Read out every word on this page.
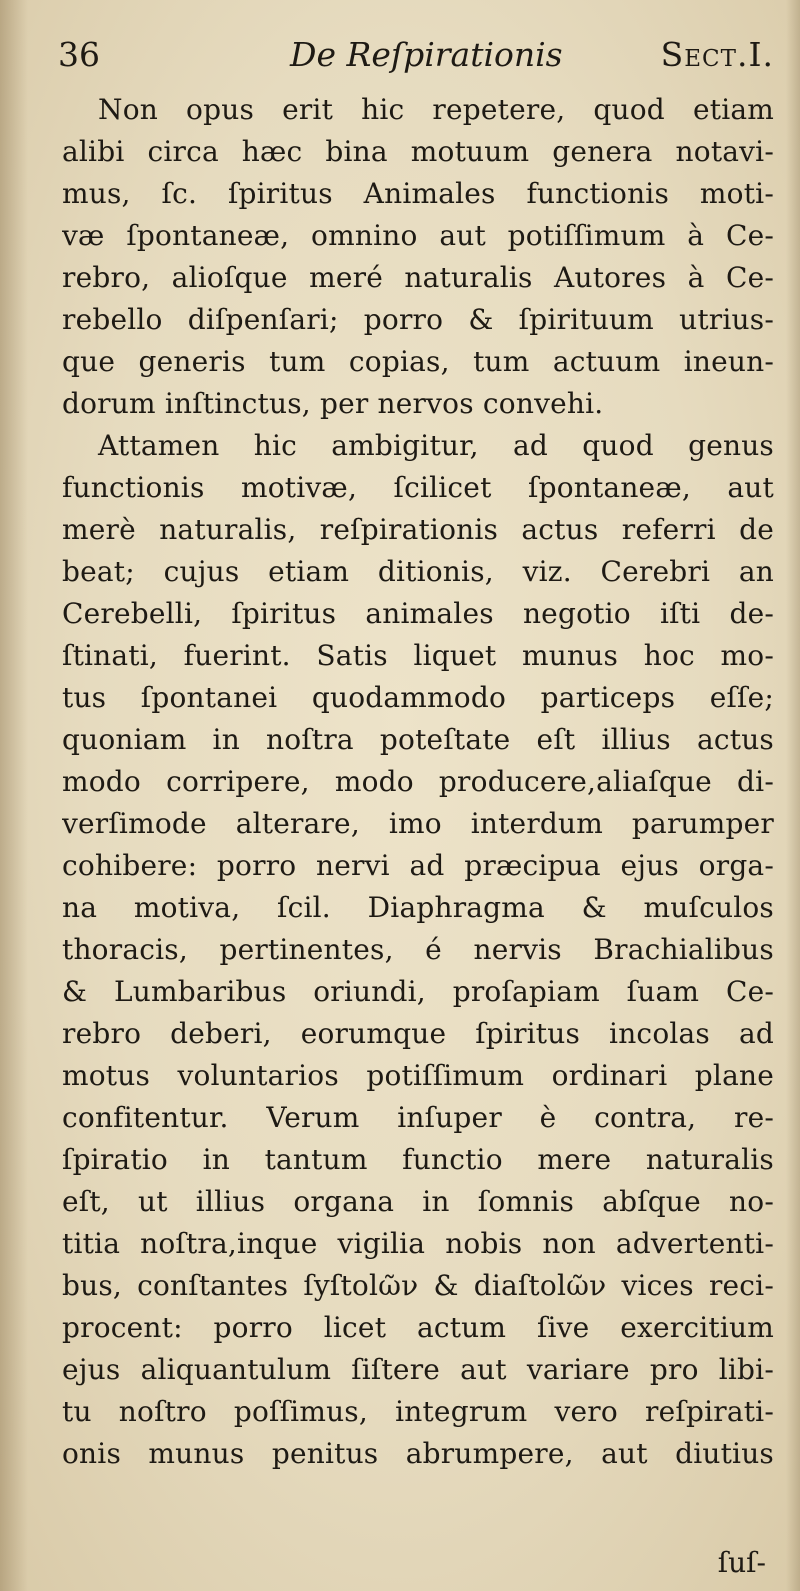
36	De Reſpirationis	Sect.I.
Non opus erit hic repetere, quod etiam
alibi circa hæc bina motuum genera notavi-
mus, ſc. ſpiritus Animales functionis moti-
væ ſpontaneæ, omnino aut potiſſimum à Ce-
rebro, alioſque meré naturalis Autores à Ce-
rebello diſpenſari; porro & ſpirituum utrius-
que generis tum copias, tum actuum ineun-
dorum inſtinctus, per nervos convehi.
Attamen hic ambigitur, ad quod genus
functionis motivæ, ſcilicet ſpontaneæ, aut
merè naturalis, reſpirationis actus referri de
beat; cujus etiam ditionis, viz. Cerebri an
Cerebelli, ſpiritus animales negotio iſti de-
ſtinati, fuerint. Satis liquet munus hoc mo-
tus ſpontanei quodammodo particeps eſſe;
quoniam in noſtra poteſtate eſt illius actus
modo corripere, modo producere,aliaſque di-
verſimode alterare, imo interdum parumper
cohibere: porro nervi ad præcipua ejus orga-
na motiva, ſcil. Diaphragma & muſculos
thoracis, pertinentes, é nervis Brachialibus
& Lumbaribus oriundi, proſapiam ſuam Ce-
rebro deberi, eorumque ſpiritus incolas ad
motus voluntarios potiſſimum ordinari plane
confitentur. Verum inſuper è contra, re-
ſpiratio in tantum functio mere naturalis
eſt, ut illius organa in ſomnis abſque no-
titia noſtra,inque vigilia nobis non advertenti-
bus, conſtantes ſyſtolῶν & diaſtolῶν vices reci-
procent: porro licet actum ſive exercitium
ejus aliquantulum ſiſtere aut variare pro libi-
tu noſtro poſſimus, integrum vero reſpirati-
onis munus penitus abrumpere, aut diutius
ſuſ-
